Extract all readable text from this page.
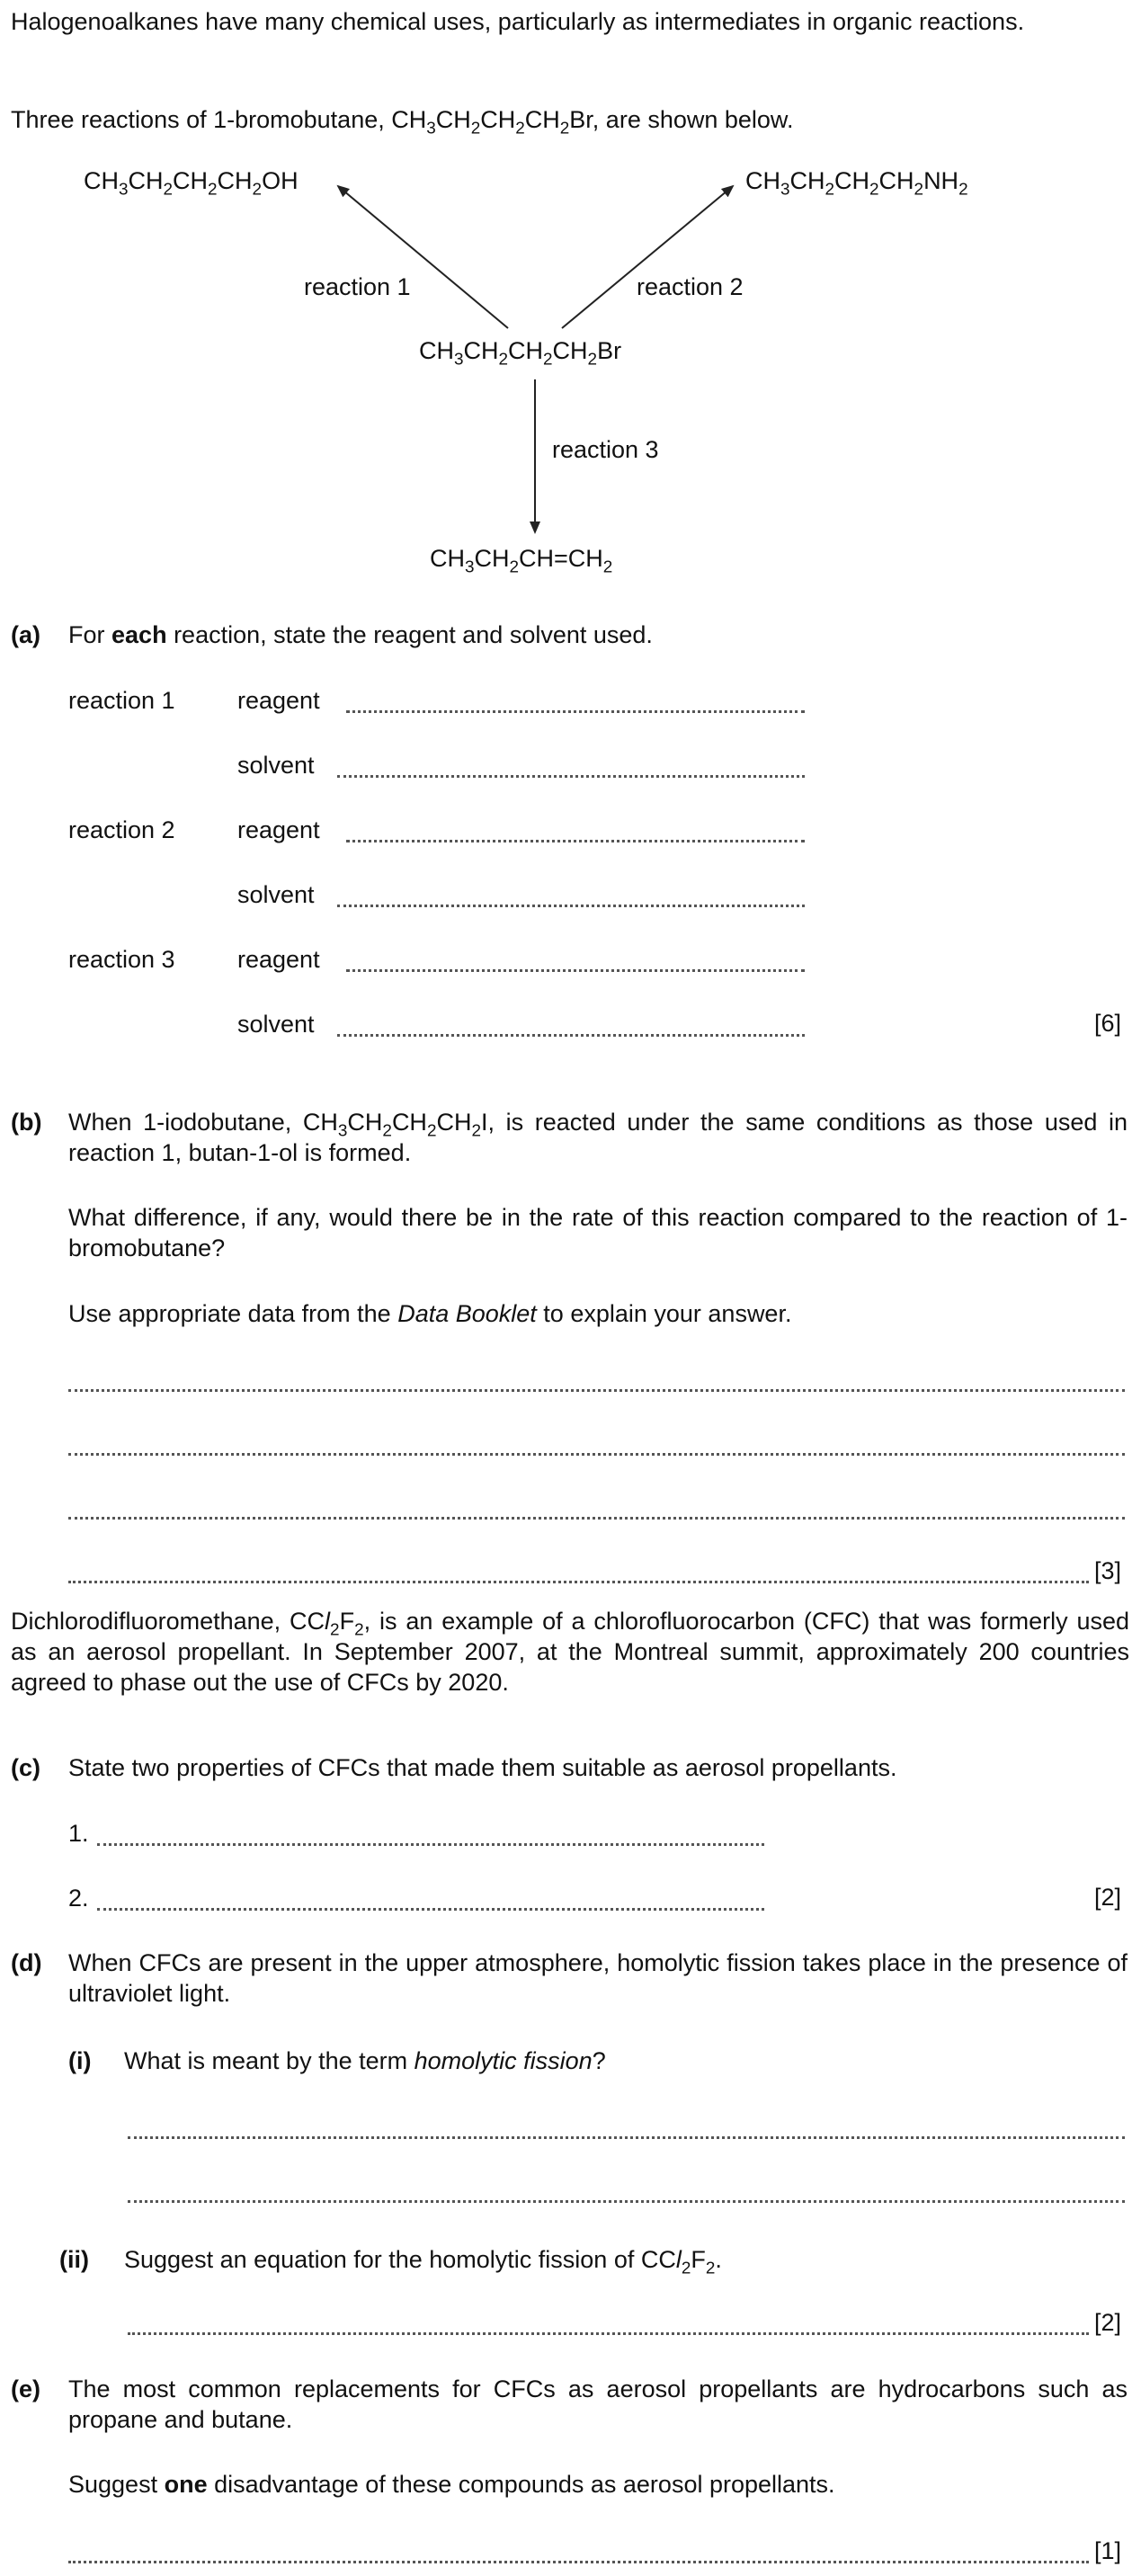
Halogenoalkanes have many chemical uses, particularly as intermediates in organic reactions.
Three reactions of 1-bromobutane, $CH_3CH_2CH_2CH_2Br$, are shown below.
$CH_3CH_2CH_2CH_2OH$	$CH_3CH_2CH_2CH_2NH_2$
reaction 1	reaction 2
$CH_3CH_2CH_2CH_2Br$
reaction 3
$CH_3CH_2CH=CH_2$
(a) For each reaction, state the reagent and solvent used.
reaction 1	reagent
solvent
reaction 2	reagent
solvent
reaction 3	reagent
solvent	[6]
(b) When 1-iodobutane, $CH_3CH_2CH_2CH_2I$, is reacted under the same conditions as those used in reaction 1, butan-1-ol is formed.
What difference, if any, would there be in the rate of this reaction compared to the reaction of 1-bromobutane?
Use appropriate data from the Data Booklet to explain your answer.
[3]
Dichlorodifluoromethane, $CCl_2F_2$, is an example of a chlorofluorocarbon (CFC) that was formerly used as an aerosol propellant. In September 2007, at the Montreal summit, approximately 200 countries agreed to phase out the use of CFCs by 2020.
(c) State two properties of CFCs that made them suitable as aerosol propellants.
1.
2.	[2]
(d) When CFCs are present in the upper atmosphere, homolytic fission takes place in the presence of ultraviolet light.
(i) What is meant by the term homolytic fission?
(ii) Suggest an equation for the homolytic fission of $CCl_2F_2$.
[2]
(e) The most common replacements for CFCs as aerosol propellants are hydrocarbons such as propane and butane.
Suggest one disadvantage of these compounds as aerosol propellants.
[1]
